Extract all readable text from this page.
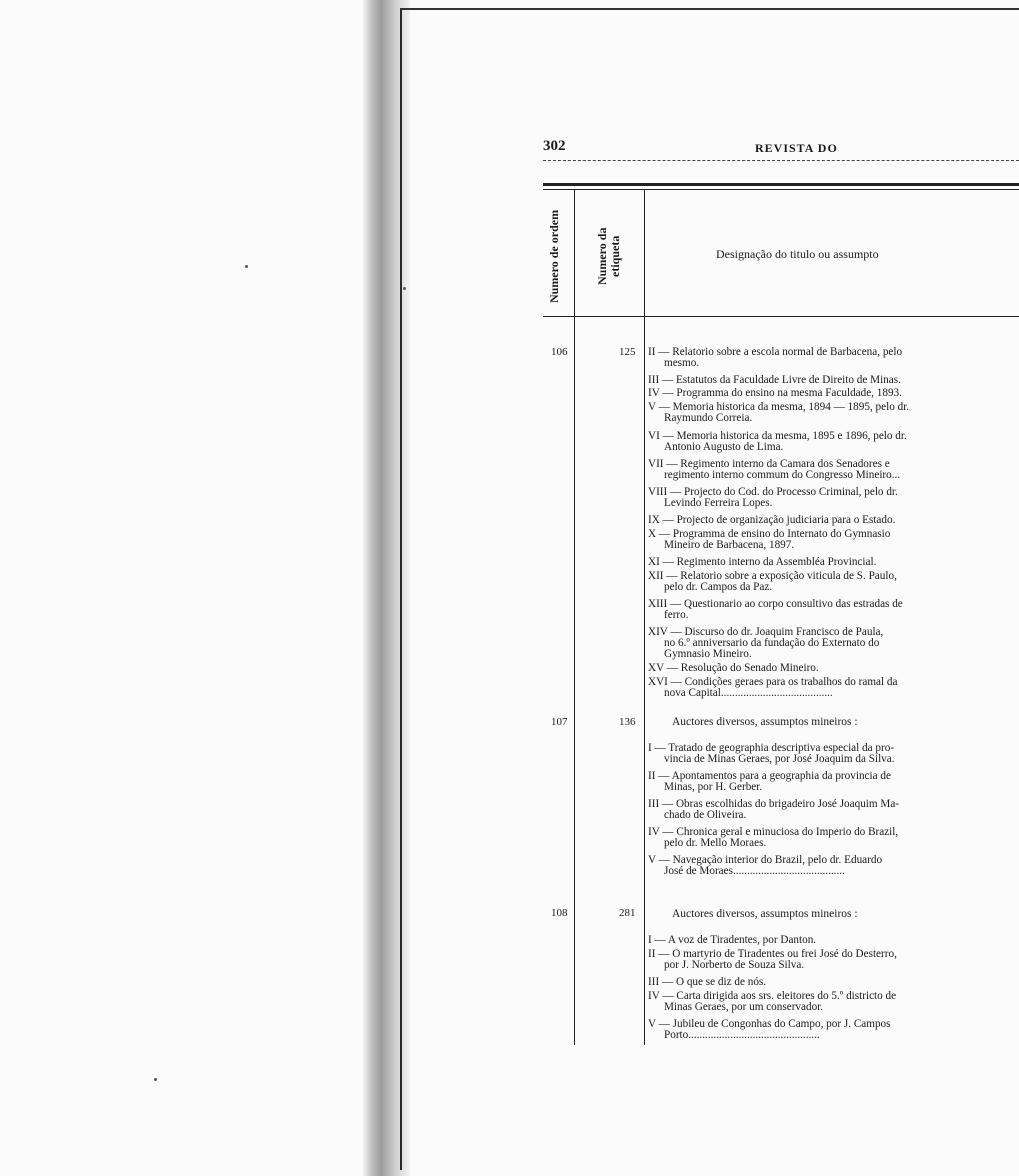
302	REVISTA DO
Numero de ordem	Numero da etiqueta	Designação do titulo ou assumpto
106	125 II — Relatorio sobre a escola normal de Barbacena, pelo
mesmo.
III — Estatutos da Faculdade Livre de Direito de Minas.
IV — Programma do ensino na mesma Faculdade, 1893.
V — Memoria historica da mesma, 1894 — 1895, pelo dr.
Raymundo Correia.
VI — Memoria historica da mesma, 1895 e 1896, pelo dr.
Antonio Augusto de Lima.
VII — Regimento interno da Camara dos Senadores e
regimento interno commum do Congresso Mineiro...
VIII — Projecto do Cod. do Processo Criminal, pelo dr.
Levindo Ferreira Lopes.
IX — Projecto de organização judiciaria para o Estado.
X — Programma de ensino do Internato do Gymnasio
Mineiro de Barbacena, 1897.
XI — Regimento interno da Assembléa Provincial.
XII — Relatorio sobre a exposição viticula de S. Paulo,
pelo dr. Campos da Paz.
XIII — Questionario ao corpo consultivo das estradas de
ferro.
XIV — Discurso do dr. Joaquim Francisco de Paula,
no 6.º anniversario da fundação do Externato do
Gymnasio Mineiro.
XV — Resolução do Senado Mineiro.
XVI — Condições geraes para os trabalhos do ramal da
nova Capital........................................
107	136	Auctores diversos, assumptos mineiros :
I — Tratado de geographia descriptiva especial da pro-
vincia de Minas Geraes, por José Joaquim da Silva.
II — Apontamentos para a geographia da provincia de
Minas, por H. Gerber.
III — Obras escolhidas do brigadeiro José Joaquim Ma-
chado de Oliveira.
IV — Chronica geral e minuciosa do Imperio do Brazil,
pelo dr. Mello Moraes.
V — Navegação interior do Brazil, pelo dr. Eduardo
José de Moraes........................................
108	281	Auctores diversos, assumptos mineiros :
I — A voz de Tiradentes, por Danton.
II — O martyrio de Tiradentes ou frei José do Desterro,
por J. Norberto de Souza Silva.
III — O que se diz de nós.
IV — Carta dirigida aos srs. eleitores do 5.º districto de
Minas Geraes, por um conservador.
V — Jubileu de Congonhas do Campo, por J. Campos
Porto...............................................
